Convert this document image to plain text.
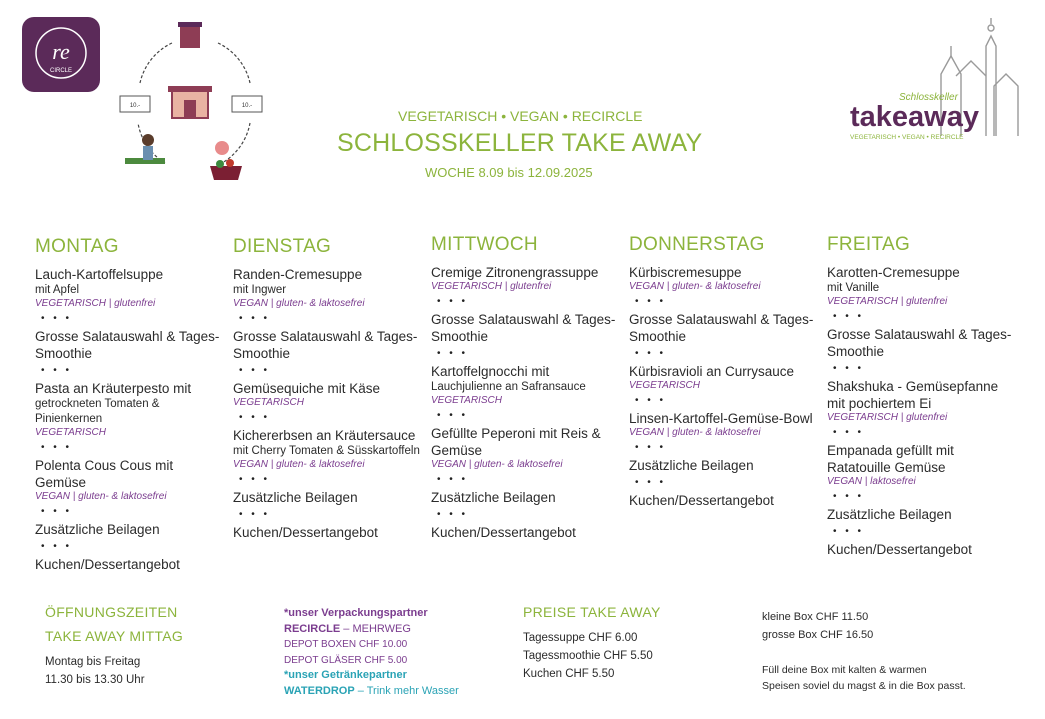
re
CIRCLE
10.-	10.-
VEGETARISCH • VEGAN • RECIRCLE
SCHLOSSKELLER TAKE AWAY
WOCHE 8.09 bis 12.09.2025
Schlosskeller
takeaway
VEGETARISCH • VEGAN • RECIRCLE
MONTAG
Lauch-Kartoffelsuppe
mit Apfel
VEGETARISCH | glutenfrei
• • •
Grosse Salatauswahl & Tages-Smoothie
• • •
Pasta an Kräuterpesto mit
getrockneten Tomaten & Pinienkernen
VEGETARISCH
• • •
Polenta Cous Cous mit Gemüse
VEGAN | gluten- & laktosefrei
• • •
Zusätzliche Beilagen
• • •
Kuchen/Dessertangebot
DIENSTAG
Randen-Cremesuppe
mit Ingwer
VEGAN | gluten- & laktosefrei
• • •
Grosse Salatauswahl & Tages-Smoothie
• • •
Gemüsequiche mit Käse
VEGETARISCH
• • •
Kichererbsen an Kräutersauce
mit Cherry Tomaten & Süsskartoffeln
VEGAN | gluten- & laktosefrei
• • •
Zusätzliche Beilagen
• • •
Kuchen/Dessertangebot
MITTWOCH
Cremige Zitronengrassuppe
VEGETARISCH | glutenfrei
• • •
Grosse Salatauswahl & Tages-Smoothie
• • •
Kartoffelgnocchi mit
Lauchjulienne an Safransauce
VEGETARISCH
• • •
Gefüllte Peperoni mit Reis & Gemüse
VEGAN | gluten- & laktosefrei
• • •
Zusätzliche Beilagen
• • •
Kuchen/Dessertangebot
DONNERSTAG
Kürbiscremesuppe
VEGAN | gluten- & laktosefrei
• • •
Grosse Salatauswahl & Tages-Smoothie
• • •
Kürbisravioli an Currysauce
VEGETARISCH
• • •
Linsen-Kartoffel-Gemüse-Bowl
VEGAN | gluten- & laktosefrei
• • •
Zusätzliche Beilagen
• • •
Kuchen/Dessertangebot
FREITAG
Karotten-Cremesuppe
mit Vanille
VEGETARISCH | glutenfrei
• • •
Grosse Salatauswahl & Tages-Smoothie
• • •
Shakshuka - Gemüsepfanne mit pochiertem Ei
VEGETARISCH | glutenfrei
• • •
Empanada gefüllt mit Ratatouille Gemüse
VEGAN | laktosefrei
• • •
Zusätzliche Beilagen
• • •
Kuchen/Dessertangebot
ÖFFNUNGSZEITEN
TAKE AWAY MITTAG
Montag bis Freitag
11.30 bis 13.30 Uhr
*unser Verpackungspartner
RECIRCLE – MEHRWEG
DEPOT BOXEN CHF 10.00
DEPOT GLÄSER CHF 5.00
*unser Getränkepartner
WATERDROP – Trink mehr Wasser
PREISE TAKE AWAY
Tagessuppe CHF 6.00
Tagessmoothie CHF 5.50
Kuchen CHF 5.50
kleine Box CHF 11.50
grosse Box CHF 16.50
Füll deine Box mit kalten & warmen
Speisen soviel du magst & in die Box passt.
